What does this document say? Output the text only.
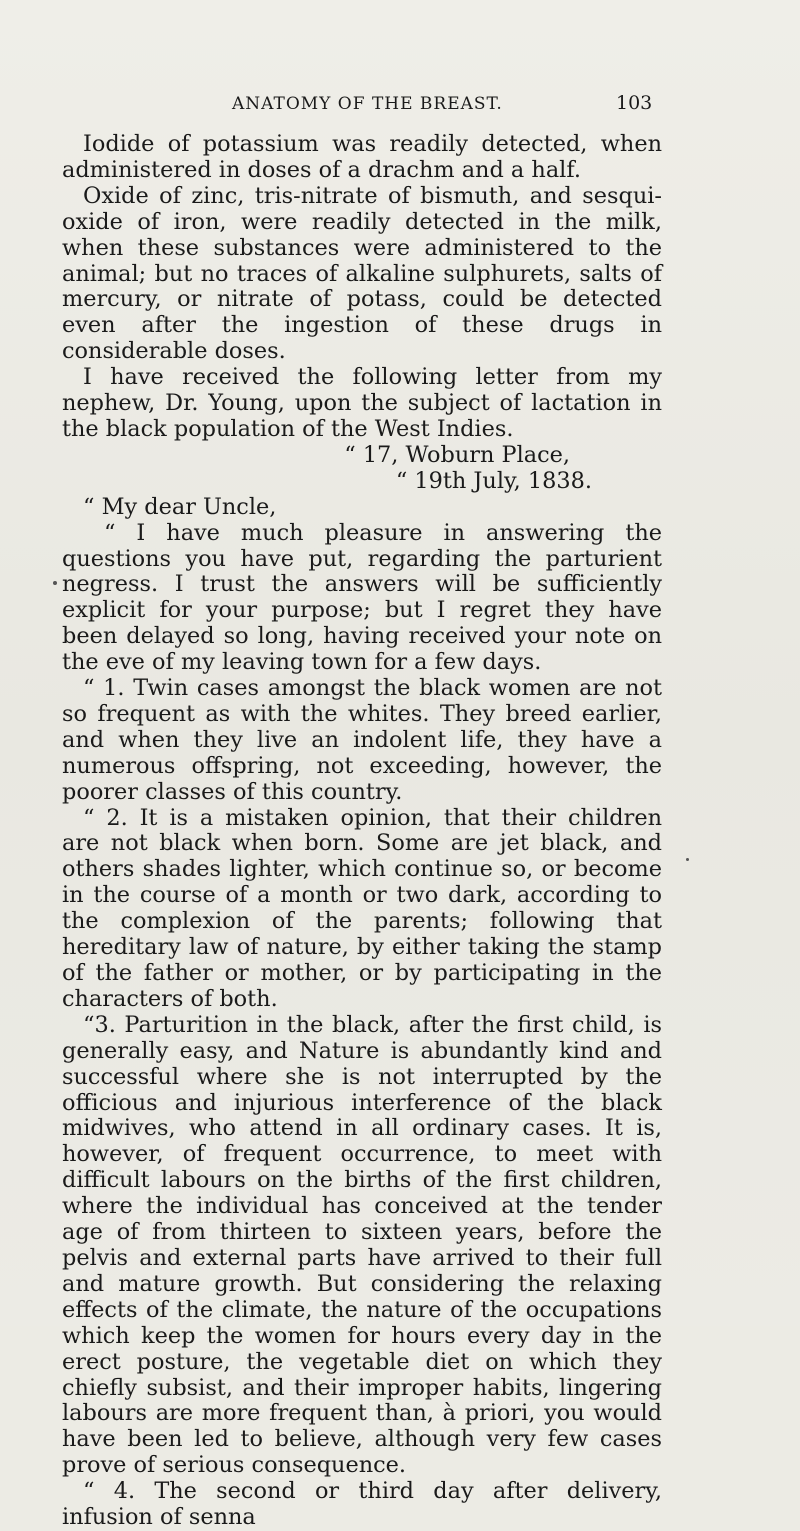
ANATOMY OF THE BREAST.	103

Iodide of potassium was readily detected, when administered in doses of a drachm and a half.

Oxide of zinc, tris-nitrate of bismuth, and sesqui-oxide of iron, were readily detected in the milk, when these substances were administered to the animal; but no traces of alkaline sulphurets, salts of mercury, or nitrate of potass, could be detected even after the ingestion of these drugs in considerable doses.

I have received the following letter from my nephew, Dr. Young, upon the subject of lactation in the black population of the West Indies.

“ 17, Woburn Place,

“ 19th July, 1838.

“ My dear Uncle,

“ I have much pleasure in answering the questions you have put, regarding the parturient negress. I trust the answers will be sufficiently explicit for your purpose; but I regret they have been delayed so long, having received your note on the eve of my leaving town for a few days.

“ 1. Twin cases amongst the black women are not so frequent as with the whites. They breed earlier, and when they live an indolent life, they have a numerous offspring, not exceeding, however, the poorer classes of this country.

“ 2. It is a mistaken opinion, that their children are not black when born. Some are jet black, and others shades lighter, which continue so, or become in the course of a month or two dark, according to the complexion of the parents; following that hereditary law of nature, by either taking the stamp of the father or mother, or by participating in the characters of both.

“3. Parturition in the black, after the first child, is generally easy, and Nature is abundantly kind and successful where she is not interrupted by the officious and injurious interference of the black midwives, who attend in all ordinary cases. It is, however, of frequent occurrence, to meet with difficult labours on the births of the first children, where the individual has conceived at the tender age of from thirteen to sixteen years, before the pelvis and external parts have arrived to their full and mature growth. But considering the relaxing effects of the climate, the nature of the occupations which keep the women for hours every day in the erect posture, the vegetable diet on which they chiefly subsist, and their improper habits, lingering labours are more frequent than, à priori, you would have been led to believe, although very few cases prove of serious consequence.

“ 4. The second or third day after delivery, infusion of senna
